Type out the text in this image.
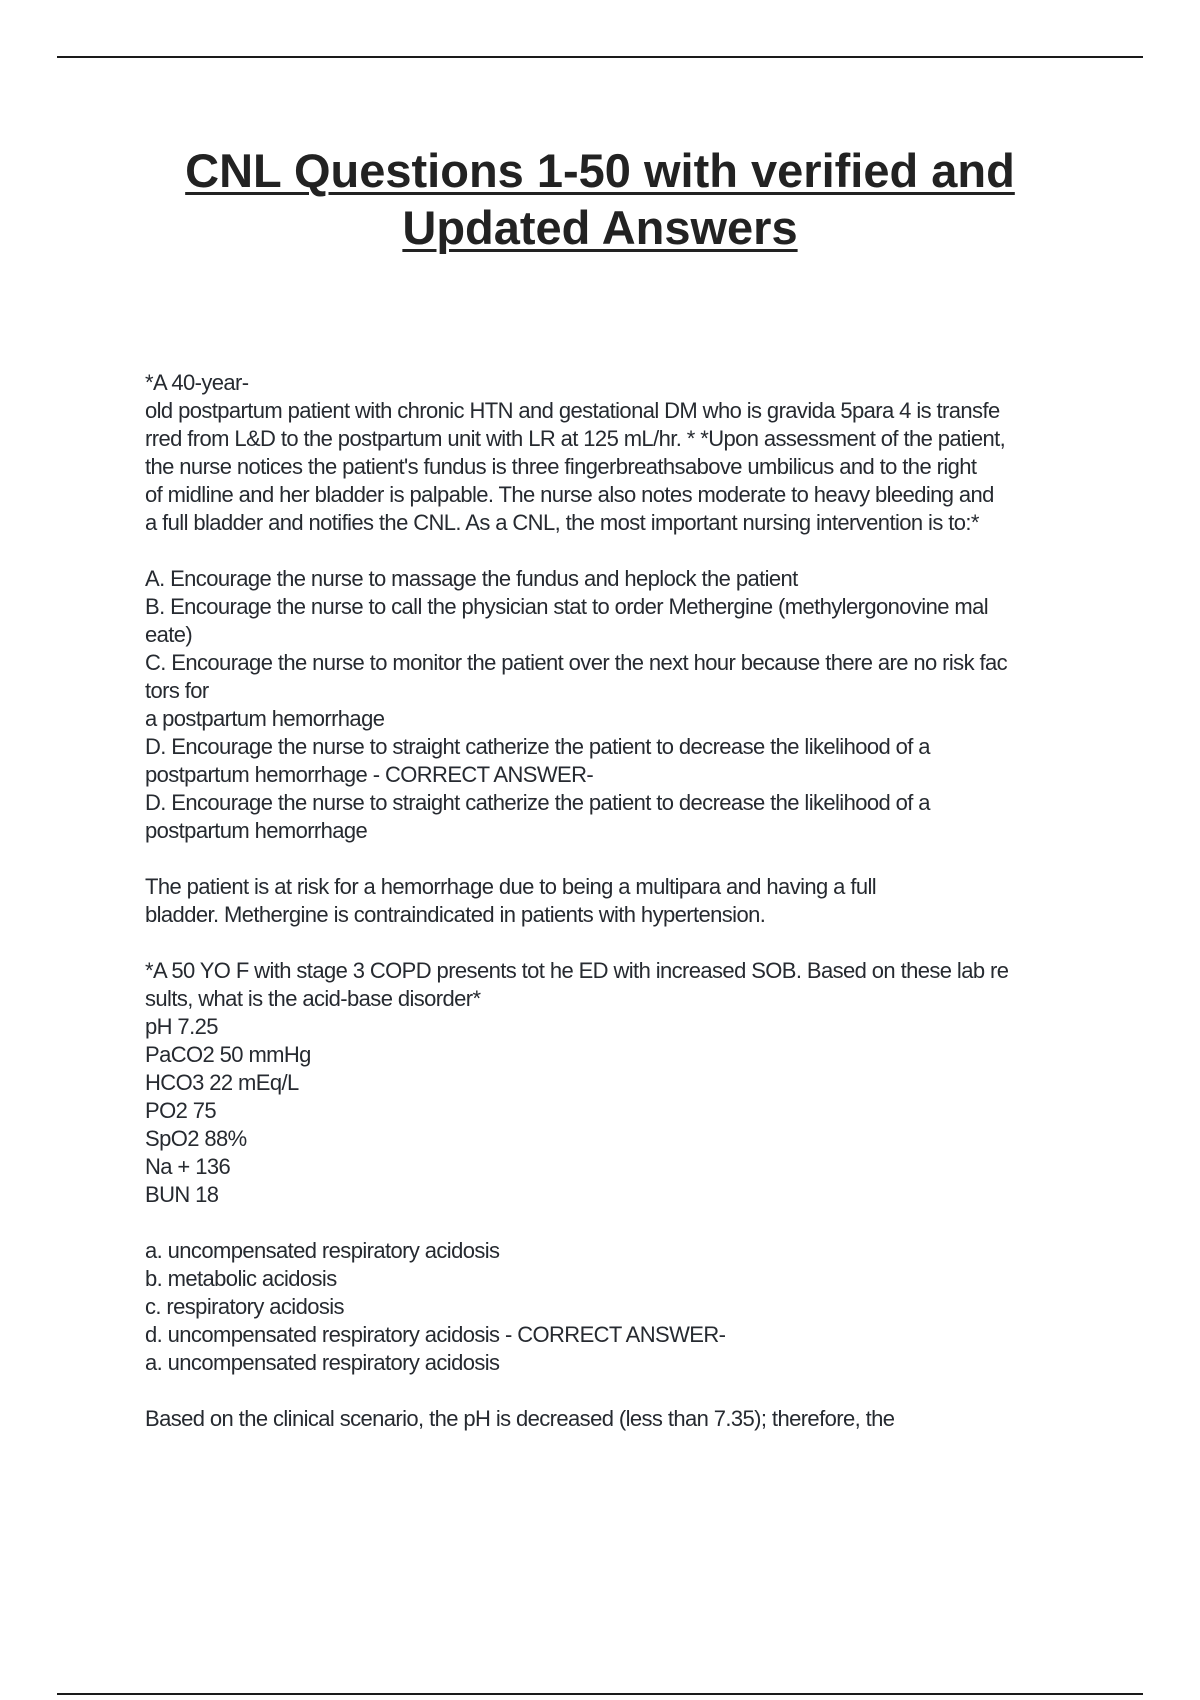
CNL Questions 1-50 with verified and
Updated Answers
*A 40-year-
old postpartum patient with chronic HTN and gestational DM who is gravida 5para 4 is transfe
rred from L&D to the postpartum unit with LR at 125 mL/hr. * *Upon assessment of the patient,
the nurse notices the patient's fundus is three fingerbreathsabove umbilicus and to the right
of midline and her bladder is palpable. The nurse also notes moderate to heavy bleeding and
a full bladder and notifies the CNL. As a CNL, the most important nursing intervention is to:*
A. Encourage the nurse to massage the fundus and heplock the patient
B. Encourage the nurse to call the physician stat to order Methergine (methylergonovine mal
eate)
C. Encourage the nurse to monitor the patient over the next hour because there are no risk fac
tors for
a postpartum hemorrhage
D. Encourage the nurse to straight catherize the patient to decrease the likelihood of a
postpartum hemorrhage - CORRECT ANSWER-
D. Encourage the nurse to straight catherize the patient to decrease the likelihood of a
postpartum hemorrhage
The patient is at risk for a hemorrhage due to being a multipara and having a full
bladder. Methergine is contraindicated in patients with hypertension.
*A 50 YO F with stage 3 COPD presents tot he ED with increased SOB. Based on these lab re
sults, what is the acid-base disorder*
pH 7.25
PaCO2 50 mmHg
HCO3 22 mEq/L
PO2 75
SpO2 88%
Na + 136
BUN 18
a. uncompensated respiratory acidosis
b. metabolic acidosis
c. respiratory acidosis
d. uncompensated respiratory acidosis - CORRECT ANSWER-
a. uncompensated respiratory acidosis
Based on the clinical scenario, the pH is decreased (less than 7.35); therefore, the
